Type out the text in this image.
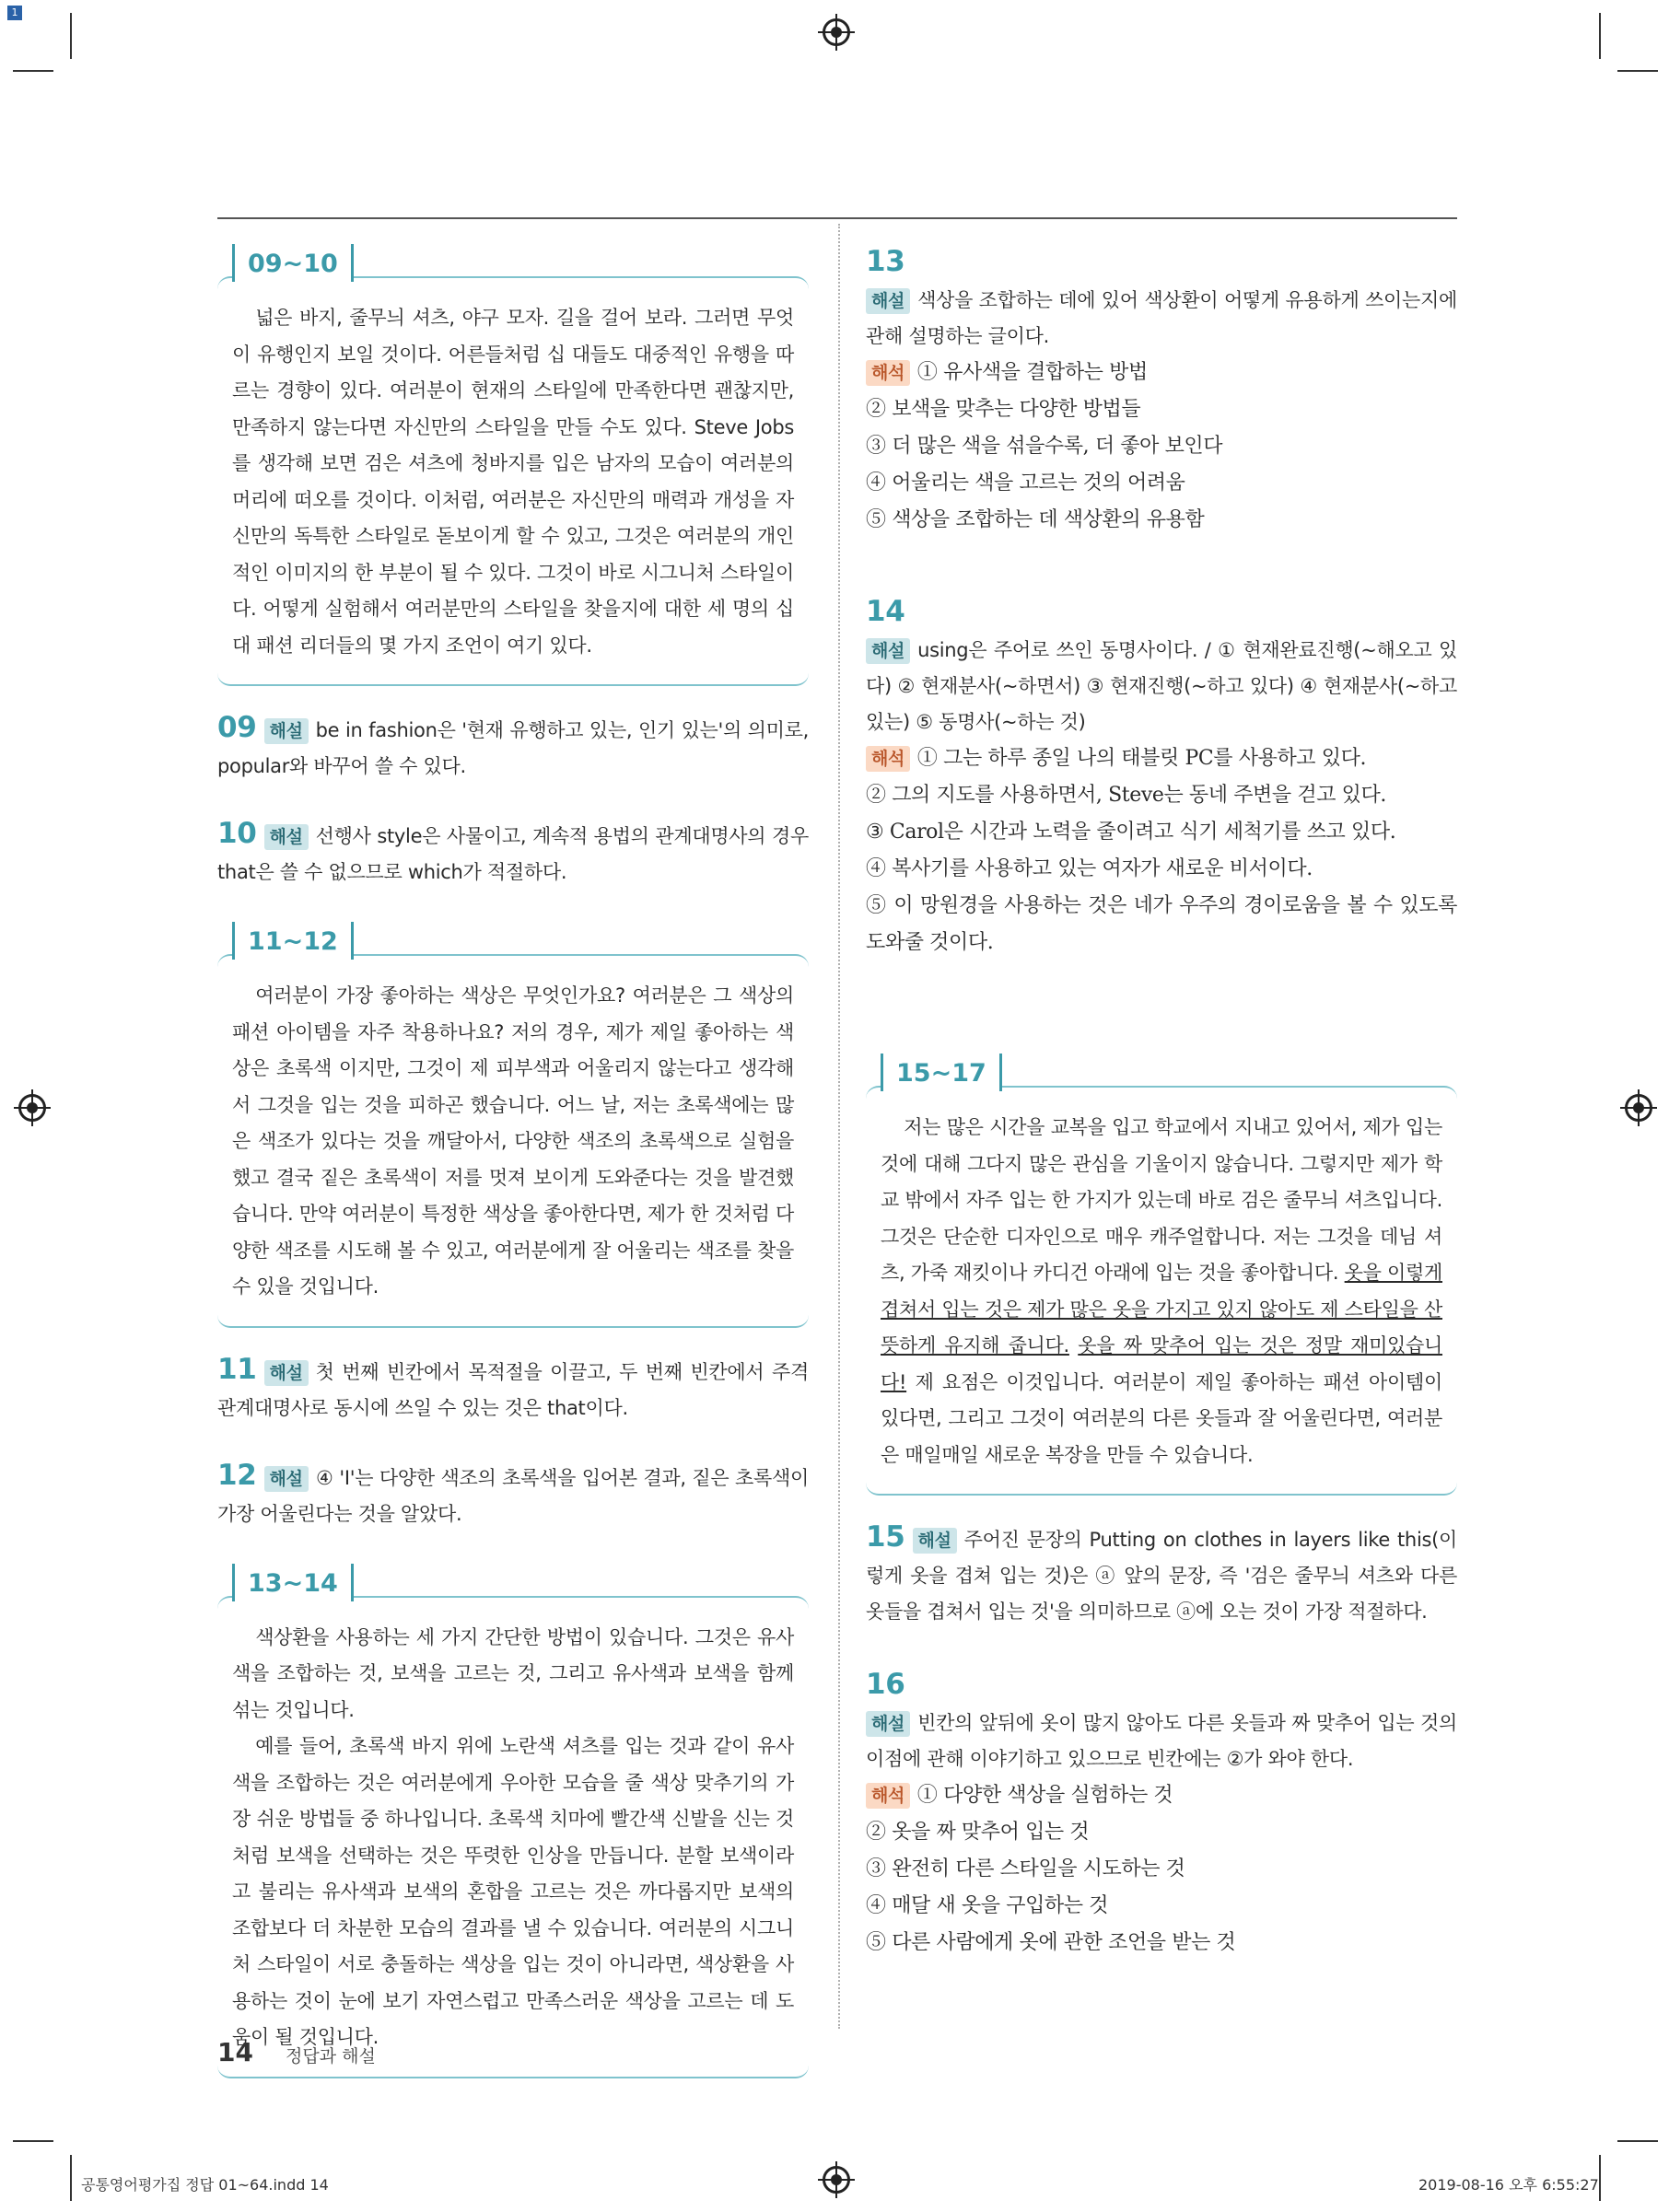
1
09~10

넓은 바지, 줄무늬 셔츠, 야구 모자. 길을 걸어 보라. 그러면 무엇이 유행인지 보일 것이다. 어른들처럼 십 대들도 대중적인 유행을 따르는 경향이 있다. 여러분이 현재의 스타일에 만족한다면 괜찮지만, 만족하지 않는다면 자신만의 스타일을 만들 수도 있다. Steve Jobs를 생각해 보면 검은 셔츠에 청바지를 입은 남자의 모습이 여러분의 머리에 떠오를 것이다. 이처럼, 여러분은 자신만의 매력과 개성을 자신만의 독특한 스타일로 돋보이게 할 수 있고, 그것은 여러분의 개인적인 이미지의 한 부분이 될 수 있다. 그것이 바로 시그니처 스타일이다. 어떻게 실험해서 여러분만의 스타일을 찾을지에 대한 세 명의 십 대 패션 리더들의 몇 가지 조언이 여기 있다.

09 해설 be in fashion은 '현재 유행하고 있는, 인기 있는'의 의미로, popular와 바꾸어 쓸 수 있다.
10 해설 선행사 style은 사물이고, 계속적 용법의 관계대명사의 경우 that은 쓸 수 없으므로 which가 적절하다.
11~12

여러분이 가장 좋아하는 색상은 무엇인가요? 여러분은 그 색상의 패션 아이템을 자주 착용하나요? 저의 경우, 제가 제일 좋아하는 색상은 초록색 이지만, 그것이 제 피부색과 어울리지 않는다고 생각해서 그것을 입는 것을 피하곤 했습니다. 어느 날, 저는 초록색에는 많은 색조가 있다는 것을 깨달아서, 다양한 색조의 초록색으로 실험을 했고 결국 짙은 초록색이 저를 멋져 보이게 도와준다는 것을 발견했습니다. 만약 여러분이 특정한 색상을 좋아한다면, 제가 한 것처럼 다양한 색조를 시도해 볼 수 있고, 여러분에게 잘 어울리는 색조를 찾을 수 있을 것입니다.

11 해설 첫 번째 빈칸에서 목적절을 이끌고, 두 번째 빈칸에서 주격 관계대명사로 동시에 쓰일 수 있는 것은 that이다.
12 해설 ④ 'I'는 다양한 색조의 초록색을 입어본 결과, 짙은 초록색이 가장 어울린다는 것을 알았다.
13~14

색상환을 사용하는 세 가지 간단한 방법이 있습니다. 그것은 유사색을 조합하는 것, 보색을 고르는 것, 그리고 유사색과 보색을 함께 섞는 것입니다.

예를 들어, 초록색 바지 위에 노란색 셔츠를 입는 것과 같이 유사색을 조합하는 것은 여러분에게 우아한 모습을 줄 색상 맞추기의 가장 쉬운 방법들 중 하나입니다. 초록색 치마에 빨간색 신발을 신는 것처럼 보색을 선택하는 것은 뚜렷한 인상을 만듭니다. 분할 보색이라고 불리는 유사색과 보색의 혼합을 고르는 것은 까다롭지만 보색의 조합보다 더 차분한 모습의 결과를 낼 수 있습니다. 여러분의 시그니처 스타일이 서로 충돌하는 색상을 입는 것이 아니라면, 색상환을 사용하는 것이 눈에 보기 자연스럽고 만족스러운 색상을 고르는 데 도움이 될 것입니다.

13
해설 색상을 조합하는 데에 있어 색상환이 어떻게 유용하게 쓰이는지에 관해 설명하는 글이다.
해석 ① 유사색을 결합하는 방법
② 보색을 맞추는 다양한 방법들
③ 더 많은 색을 섞을수록, 더 좋아 보인다
④ 어울리는 색을 고르는 것의 어려움
⑤ 색상을 조합하는 데 색상환의 유용함
14
해설 using은 주어로 쓰인 동명사이다. / ① 현재완료진행(~해오고 있다) ② 현재분사(~하면서) ③ 현재진행(~하고 있다) ④ 현재분사(~하고 있는) ⑤ 동명사(~하는 것)
해석 ① 그는 하루 종일 나의 태블릿 PC를 사용하고 있다.
② 그의 지도를 사용하면서, Steve는 동네 주변을 걷고 있다.
③ Carol은 시간과 노력을 줄이려고 식기 세척기를 쓰고 있다.
④ 복사기를 사용하고 있는 여자가 새로운 비서이다.
⑤ 이 망원경을 사용하는 것은 네가 우주의 경이로움을 볼 수 있도록 도와줄 것이다.
15~17

저는 많은 시간을 교복을 입고 학교에서 지내고 있어서, 제가 입는 것에 대해 그다지 많은 관심을 기울이지 않습니다. 그렇지만 제가 학교 밖에서 자주 입는 한 가지가 있는데 바로 검은 줄무늬 셔츠입니다. 그것은 단순한 디자인으로 매우 캐주얼합니다. 저는 그것을 데님 셔츠, 가죽 재킷이나 카디건 아래에 입는 것을 좋아합니다. 옷을 이렇게 겹쳐서 입는 것은 제가 많은 옷을 가지고 있지 않아도 제 스타일을 산뜻하게 유지해 줍니다. 옷을 짜 맞추어 입는 것은 정말 재미있습니다! 제 요점은 이것입니다. 여러분이 제일 좋아하는 패션 아이템이 있다면, 그리고 그것이 여러분의 다른 옷들과 잘 어울린다면, 여러분은 매일매일 새로운 복장을 만들 수 있습니다.

15 해설 주어진 문장의 Putting on clothes in layers like this(이렇게 옷을 겹쳐 입는 것)은 ⓐ 앞의 문장, 즉 '검은 줄무늬 셔츠와 다른 옷들을 겹쳐서 입는 것'을 의미하므로 ⓐ에 오는 것이 가장 적절하다.
16
해설 빈칸의 앞뒤에 옷이 많지 않아도 다른 옷들과 짜 맞추어 입는 것의 이점에 관해 이야기하고 있으므로 빈칸에는 ②가 와야 한다.
해석 ① 다양한 색상을 실험하는 것
② 옷을 짜 맞추어 입는 것
③ 완전히 다른 스타일을 시도하는 것
④ 매달 새 옷을 구입하는 것
⑤ 다른 사람에게 옷에 관한 조언을 받는 것
14 정답과 해설
공통영어평가집 정답 01~64.indd 14	2019-08-16 오후 6:55:27
